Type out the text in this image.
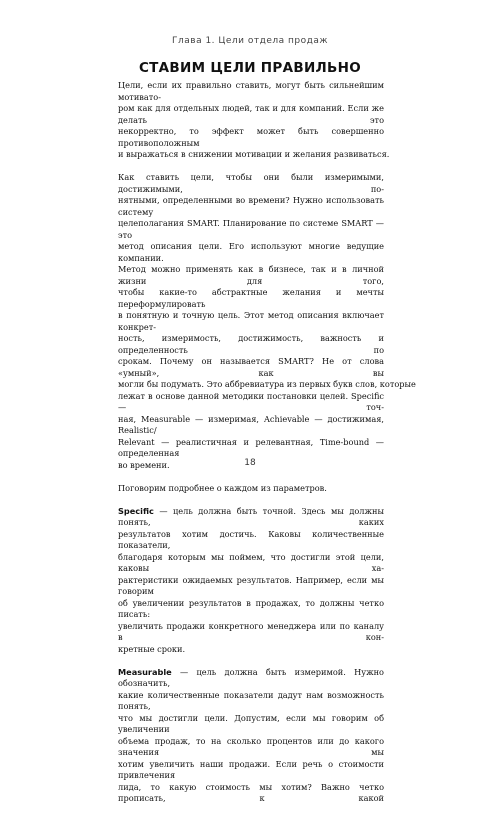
Глава 1. Цели отдела продаж
СТАВИМ ЦЕЛИ ПРАВИЛЬНО

Цели, если их правильно ставить, могут быть сильнейшим мотивато-
ром как для отдельных людей, так и для компаний. Если же делать это
некорректно, то эффект может быть совершенно противоположным
и выражаться в снижении мотивации и желания развиваться.

Как ставить цели, чтобы они были измеримыми, достижимыми, по-
нятными, определенными во времени? Нужно использовать систему
целеполагания SMART. Планирование по системе SMART — это
метод описания цели. Его используют многие ведущие компании.
Метод можно применять как в бизнесе, так и в личной жизни для того,
чтобы какие-то абстрактные желания и мечты переформулировать
в понятную и точную цель. Этот метод описания включает конкрет-
ность, измеримость, достижимость, важность и определенность по
срокам. Почему он называется SMART? Не от слова «умный», как вы
могли бы подумать. Это аббревиатура из первых букв слов, которые
лежат в основе данной методики постановки целей. Specific — точ-
ная, Measurable — измеримая, Achievable — достижимая, Realistic/
Relevant — реалистичная и релевантная, Time-bound — определенная
во времени.

Поговорим подробнее о каждом из параметров.

Specific — цель должна быть точной. Здесь мы должны понять, каких
результатов хотим достичь. Каковы количественные показатели,
благодаря которым мы поймем, что достигли этой цели, каковы ха-
рактеристики ожидаемых результатов. Например, если мы говорим
об увеличении результатов в продажах, то должны четко писать:
увеличить продажи конкретного менеджера или по каналу в кон-
кретные сроки.

Measurable — цель должна быть измеримой. Нужно обозначить,
какие количественные показатели дадут нам возможность понять,
что мы достигли цели. Допустим, если мы говорим об увеличении
объема продаж, то на сколько процентов или до какого значения мы
хотим увеличить наши продажи. Если речь о стоимости привлечения
лида, то какую стоимость мы хотим? Важно четко прописать, к какой

18
